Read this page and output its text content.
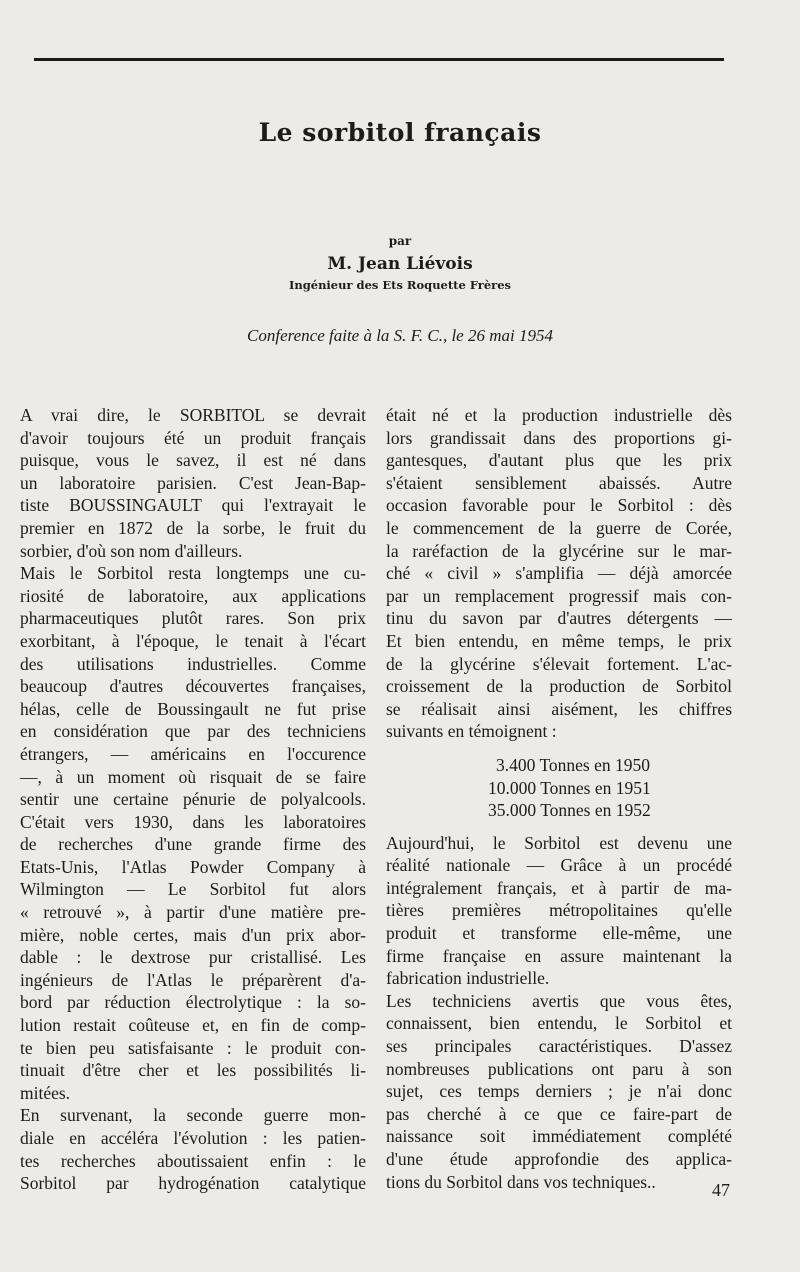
Le sorbitol français
par
M. Jean Liévois
Ingénieur des Ets Roquette Frères
Conference faite à la S. F. C., le 26 mai 1954
A vrai dire, le SORBITOL se devrait
d'avoir toujours été un produit français
puisque, vous le savez, il est né dans
un laboratoire parisien. C'est Jean-Bap-
tiste BOUSSINGAULT qui l'extrayait le
premier en 1872 de la sorbe, le fruit du
sorbier, d'où son nom d'ailleurs.
Mais le Sorbitol resta longtemps une cu-
riosité de laboratoire, aux applications
pharmaceutiques plutôt rares. Son prix
exorbitant, à l'époque, le tenait à l'écart
des utilisations industrielles. Comme
beaucoup d'autres découvertes françaises,
hélas, celle de Boussingault ne fut prise
en considération que par des techniciens
étrangers, — américains en l'occurence
—, à un moment où risquait de se faire
sentir une certaine pénurie de polyalcools.
C'était vers 1930, dans les laboratoires
de recherches d'une grande firme des
Etats-Unis, l'Atlas Powder Company à
Wilmington — Le Sorbitol fut alors
« retrouvé », à partir d'une matière pre-
mière, noble certes, mais d'un prix abor-
dable : le dextrose pur cristallisé. Les
ingénieurs de l'Atlas le préparèrent d'a-
bord par réduction électrolytique : la so-
lution restait coûteuse et, en fin de comp-
te bien peu satisfaisante : le produit con-
tinuait d'être cher et les possibilités li-
mitées.
En survenant, la seconde guerre mon-
diale en accéléra l'évolution : les patien-
tes recherches aboutissaient enfin : le
Sorbitol par hydrogénation catalytique
était né et la production industrielle dès
lors grandissait dans des proportions gi-
gantesques, d'autant plus que les prix
s'étaient sensiblement abaissés. Autre
occasion favorable pour le Sorbitol : dès
le commencement de la guerre de Corée,
la raréfaction de la glycérine sur le mar-
ché « civil » s'amplifia — déjà amorcée
par un remplacement progressif mais con-
tinu du savon par d'autres détergents —
Et bien entendu, en même temps, le prix
de la glycérine s'élevait fortement. L'ac-
croissement de la production de Sorbitol
se réalisait ainsi aisément, les chiffres
suivants en témoignent :
3.400 Tonnes en 1950
10.000 Tonnes en 1951
35.000 Tonnes en 1952
Aujourd'hui, le Sorbitol est devenu une
réalité nationale — Grâce à un procédé
intégralement français, et à partir de ma-
tières premières métropolitaines qu'elle
produit et transforme elle-même, une
firme française en assure maintenant la
fabrication industrielle.
Les techniciens avertis que vous êtes,
connaissent, bien entendu, le Sorbitol et
ses principales caractéristiques. D'assez
nombreuses publications ont paru à son
sujet, ces temps derniers ; je n'ai donc
pas cherché à ce que ce faire-part de
naissance soit immédiatement complété
d'une étude approfondie des applica-
tions du Sorbitol dans vos techniques..	47
